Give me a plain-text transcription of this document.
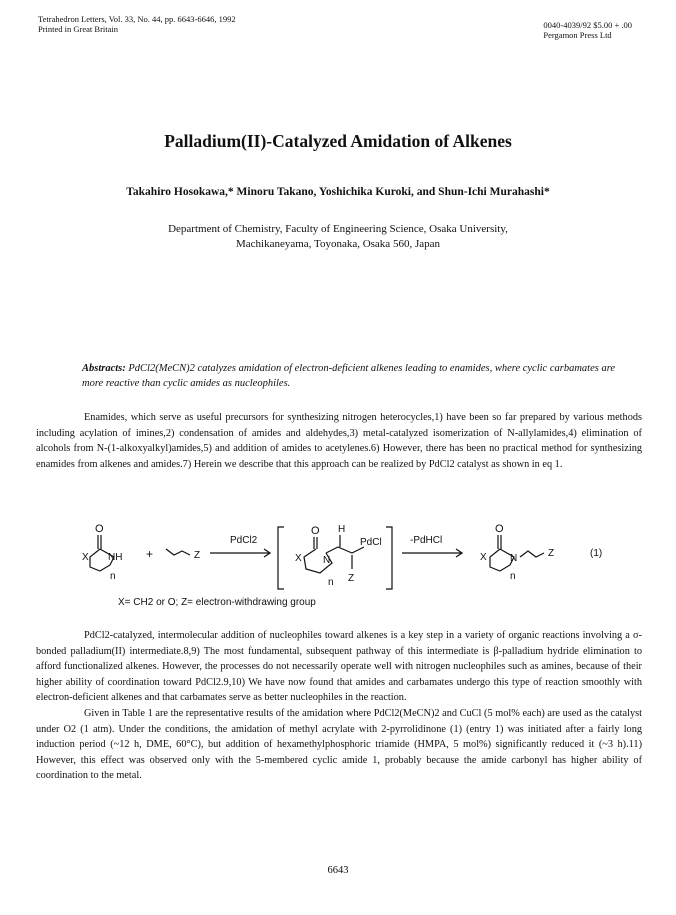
Tetrahedron Letters, Vol. 33, No. 44, pp. 6643-6646, 1992
Printed in Great Britain	0040-4039/92 $5.00 + .00
Pergamon Press Ltd
Palladium(II)-Catalyzed Amidation of Alkenes
Takahiro Hosokawa,* Minoru Takano, Yoshichika Kuroki, and Shun-Ichi Murahashi*
Department of Chemistry, Faculty of Engineering Science, Osaka University,
Machikaneyama, Toyonaka, Osaka 560, Japan
Abstracts: PdCl2(MeCN)2 catalyzes amidation of electron-deficient alkenes leading to enamides, where cyclic carbamates are more reactive than cyclic amides as nucleophiles.

Enamides, which serve as useful precursors for synthesizing nitrogen heterocycles,1) have been so far prepared by various methods including acylation of imines,2) condensation of amides and aldehydes,3) metal-catalyzed isomerization of N-allylamides,4) elimination of alcohols from N-(1-alkoxyalkyl)amides,5) and addition of amides to acetylenes.6) However, there has been no practical method for synthesizing enamides from alkenes and amides.7) Herein we describe that this approach can be realized by PdCl2 catalyst as shown in eq 1.

O
X NH
n
+	Z
PdCl2
O H
X N
PdCl
Z
n
-PdHCl
O
X N	Z
n
(1)
X= CH2 or O; Z= electron-withdrawing group

PdCl2-catalyzed, intermolecular addition of nucleophiles toward alkenes is a key step in a variety of organic reactions involving a σ-bonded palladium(II) intermediate.8,9) The most fundamental, subsequent pathway of this intermediate is β-palladium hydride elimination to afford functionalized alkenes. However, the processes do not necessarily operate well with nitrogen nucleophiles such as amines, because of their higher ability of coordination toward PdCl2.9,10) We have now found that amides and carbamates undergo this type of reaction smoothly with electron-deficient alkenes and that carbamates serve as better nucleophiles in the reaction.

Given in Table 1 are the representative results of the amidation where PdCl2(MeCN)2 and CuCl (5 mol% each) are used as the catalyst under O2 (1 atm). Under the conditions, the amidation of methyl acrylate with 2-pyrrolidinone (1) (entry 1) was initiated after a fairly long induction period (~12 h, DME, 60°C), but addition of hexamethylphosphoric triamide (HMPA, 5 mol%) significantly reduced it (~3 h).11) However, this effect was observed only with the 5-membered cyclic amide 1, probably because the amide carbonyl has higher ability of coordination to the metal.

6643
